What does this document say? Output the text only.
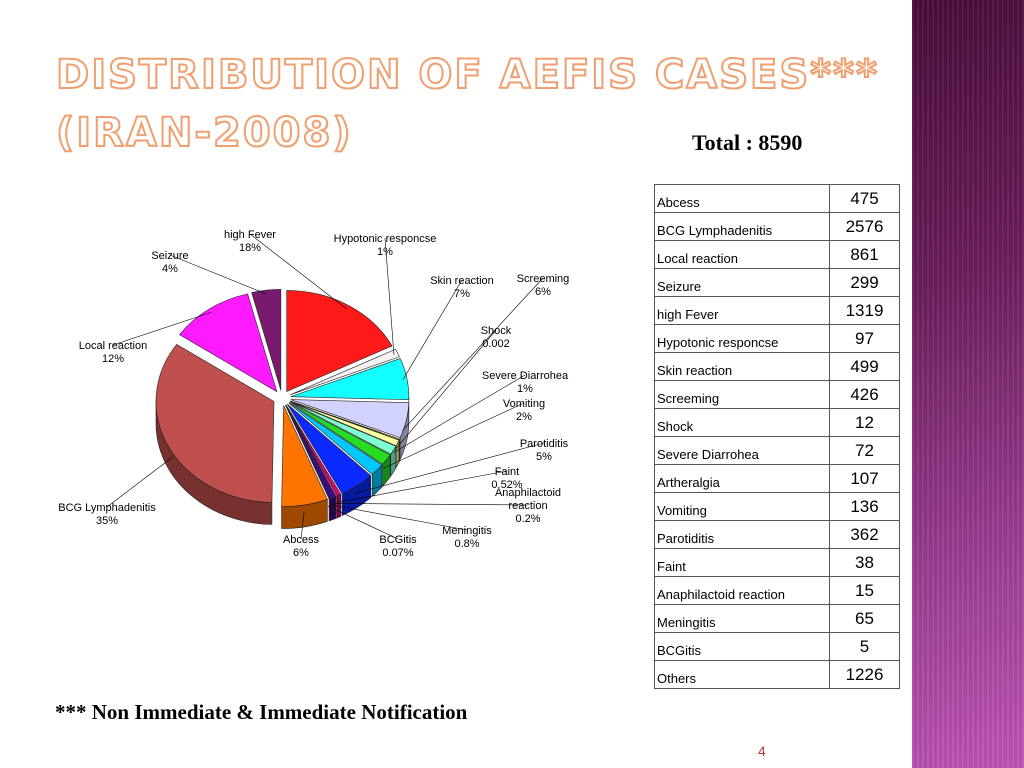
DISTRIBUTION OF AEFIS CASES***
(IRAN-2008)	Total : 8590
high Fever
18%
Hypotonic responcse
1%
Skin reaction
7%
Screeming
6%
Shock
0.002
Severe Diarrohea
1%
Vomiting
2%
Parotiditis
5%
Faint
0.52%
Anaphilactoid
reaction
0.2%
Meningitis
0.8%
BCGitis
0.07%
Abcess
6%
BCG Lymphadenitis
35%
Local reaction
12%
Seizure
4%
Abcess	475
BCG Lymphadenitis	2576
Local reaction	861
Seizure	299
high Fever	1319
Hypotonic responcse	97
Skin reaction	499
Screeming	426
Shock	12
Severe Diarrohea	72
Artheralgia	107
Vomiting	136
Parotiditis	362
Faint	38
Anaphilactoid reaction	15
Meningitis	65
BCGitis	5
Others	1226
*** Non Immediate & Immediate Notification
4
